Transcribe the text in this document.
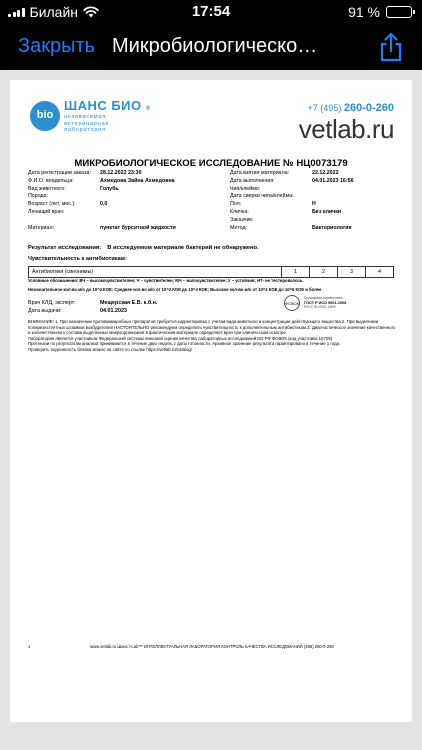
Билайн	17:54	91 %
Закрыть Микробиологическо…
bio
ШАНС БИО ®
независимая
ветеринарная
лаборатория
+7 (495) 260-0-260
vetlab.ru
МИКРОБИОЛОГИЧЕСКОЕ ИССЛЕДОВАНИЕ № НЦ0073179
Дата регистрации заказа:	28.12.2022 23:30
Ф.И.О. владельца:	Ахмедова Зайна Ахмедовна
Вид животного:	Голубь
Порода:
Возраст (лет, мес.):	0,0
Лечащий врач:
Материал:	пунктат бурситной жидкости
Дата взятия материала:	22.12.2022
Дата выполнения:	04.01.2023 16:56
Чип/клеймо:
Дата сверки чипа/клейма:
Пол:	Н
Кличка:	Без клички
Заказчик:
Метод:	Бактериология
Результат исследования: В исследуемом материале бактерий не обнаружено.
Чувствительность к антибиотикам:
Антибиотики (синонимы)	1	2	3	4
Условные обозначения: ВЧ – высокочувствителен; Ч – чувствителен; МЧ – малочувствителен; У – устойчив; НТ- не тестировалось.
Незначительное кол-во м/о до 10^2 КОЕ; Среднее кол-во м/о от 10^2 КОЕ до 10^4 КОЕ; Высокое кол-во м/о от 10^4 КОЕ до 10^6 КОЕ и более
Врач КЛД, эксперт:	Мещерская Е.В. к.б.н.
Дата выдачи:	04.01.2023
ФСВОК
Сертификат соответствия
ГОСТ Р ИСО 9001-2008
РОСС RU.0001.13ИФ
ВНИМАНИЕ! 1. При назначении противомикробных препаратов требуется корректировка с учетом вида животного и концентрации действующего вещества.2. При выделении полирезистентных штаммов возбудителей НАСТОЯТЕЛЬНО рекомендуем определить чувствительность к дополнительным антибиотикам.3. Диагностическое значение качественного и количественного состава выделенных микроорганизмов в фактическом материале определяет врач при клиническом осмотре.
Лаборатория является участником Федеральной системы внешней оценки качества лабораторных исследований МЗ РФ ФСВОК (код участника 10709)
Претензии по результатам анализа принимаются в течение двух недель с даты готовности. Архивное хранение результата гарантировано в течение 1 года.
Проверить подлинность бланка можно на сайте по ссылке https://vetlab.ru/catalog/
1	www.vetlab.ru Шанс i-Lab™ ИНТЕЛЛЕКТУАЛЬНАЯ ЛАБОРАТОРИЯ КОНТРОЛЬ КАЧЕСТВА ИССЛЕДОВАНИЙ (495) 260-0-260
